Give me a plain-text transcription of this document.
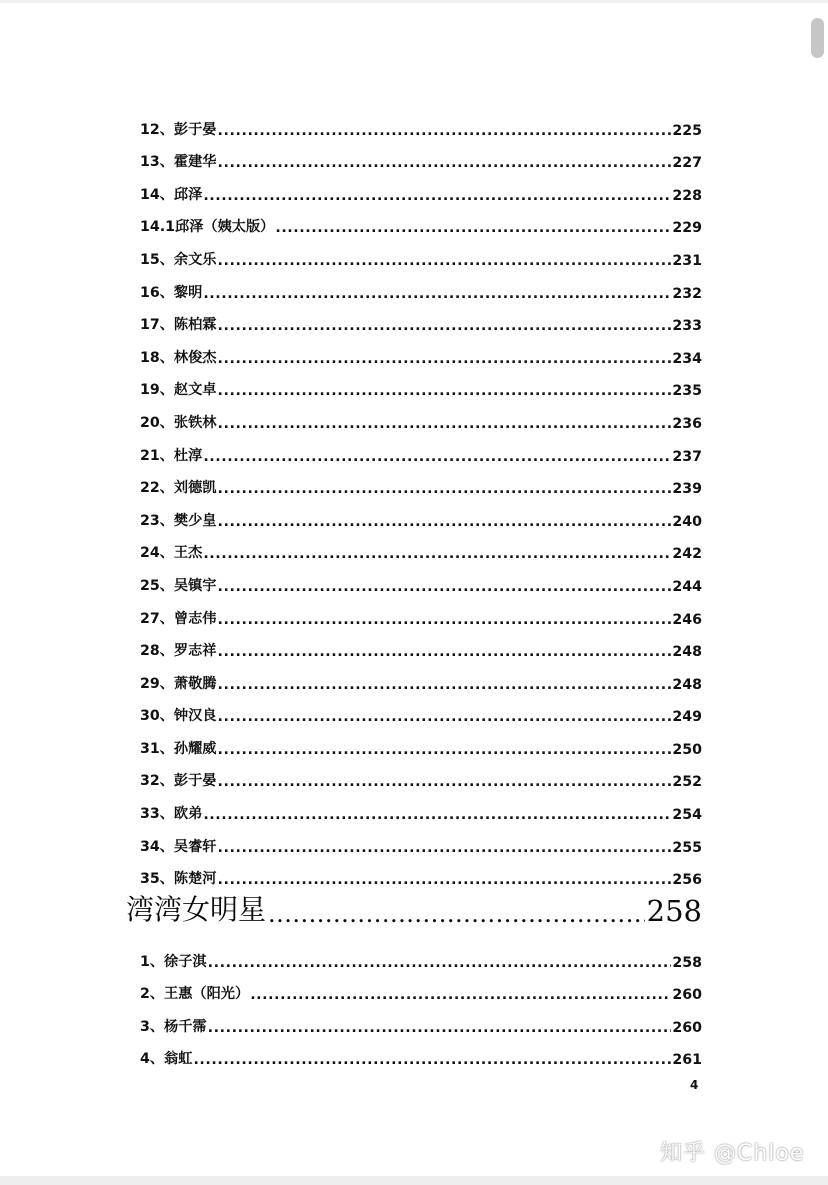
12、彭于晏 .....	225
13、霍建华 .....	227
14、邱泽 .....	228
14.1邱泽（姨太版） .....	229
15、余文乐 .....	231
16、黎明 .....	232
17、陈柏霖 .....	233
18、林俊杰 .....	234
19、赵文卓 .....	235
20、张铁林 .....	236
21、杜淳 .....	237
22、刘德凯 .....	239
23、樊少皇 .....	240
24、王杰 .....	242
25、吴镇宇 .....	244
27、曾志伟 .....	246
28、罗志祥 .....	248
29、萧敬腾 .....	248
30、钟汉良 .....	249
31、孙耀威 .....	250
32、彭于晏 .....	252
33、欧弟 .....	254
34、吴睿轩 .....	255
35、陈楚河 .....	256
湾湾女明星 .....	258
1、徐子淇 .....	258
2、王惠（阳光） .....	260
3、杨千霈 .....	260
4、翁虹 .....	261
4
知乎 @Chloe
